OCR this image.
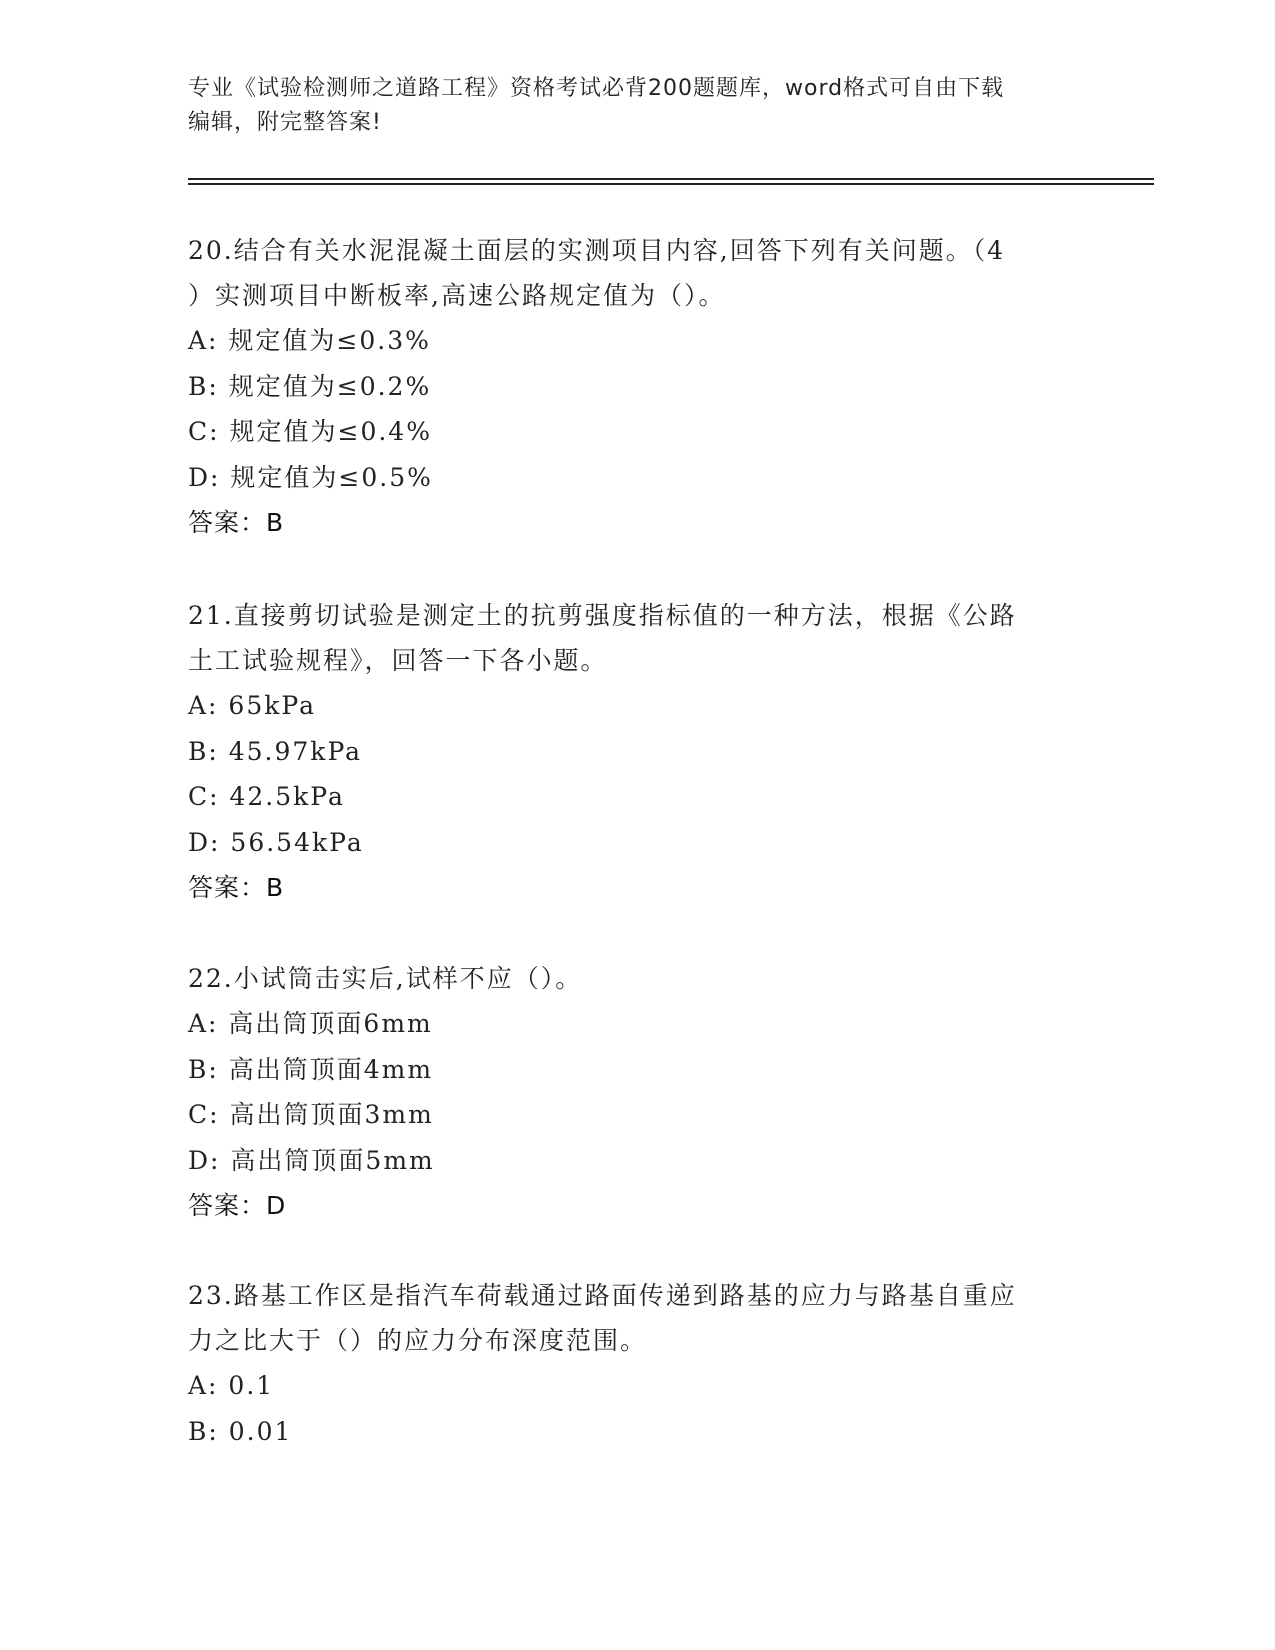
专业《试验检测师之道路工程》资格考试必背200题题库，word格式可自由下载
编辑，附完整答案!

20.结合有关水泥混凝土面层的实测项目内容,回答下列有关问题。（4

）实测项目中断板率,高速公路规定值为（）。

A: 规定值为≤0.3%

B: 规定值为≤0.2%

C: 规定值为≤0.4%

D: 规定值为≤0.5%

答案：B

21.直接剪切试验是测定土的抗剪强度指标值的一种方法，根据《公路

土工试验规程》，回答一下各小题。

A: 65kPa

B: 45.97kPa

C: 42.5kPa

D: 56.54kPa

答案：B

22.小试筒击实后,试样不应（）。

A: 高出筒顶面6mm

B: 高出筒顶面4mm

C: 高出筒顶面3mm

D: 高出筒顶面5mm

答案：D

23.路基工作区是指汽车荷载通过路面传递到路基的应力与路基自重应

力之比大于（）的应力分布深度范围。

A: 0.1

B: 0.01
